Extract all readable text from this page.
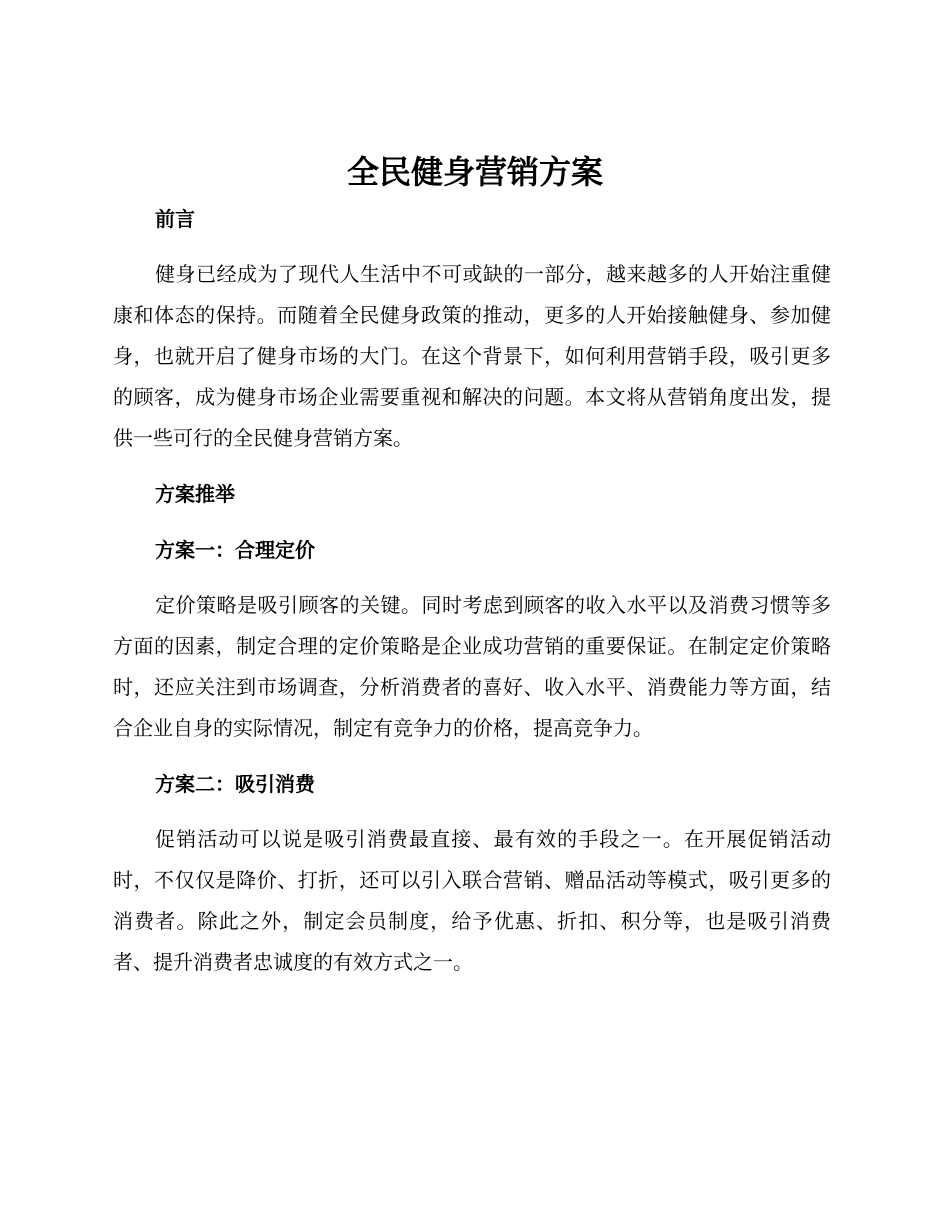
全民健身营销方案

前言

健身已经成为了现代人生活中不可或缺的一部分，越来越多的人开始注重健康和体态的保持。而随着全民健身政策的推动，更多的人开始接触健身、参加健身，也就开启了健身市场的大门。在这个背景下，如何利用营销手段，吸引更多的顾客，成为健身市场企业需要重视和解决的问题。本文将从营销角度出发，提供一些可行的全民健身营销方案。

方案推举

方案一：合理定价

定价策略是吸引顾客的关键。同时考虑到顾客的收入水平以及消费习惯等多方面的因素，制定合理的定价策略是企业成功营销的重要保证。在制定定价策略时，还应关注到市场调查，分析消费者的喜好、收入水平、消费能力等方面，结合企业自身的实际情况，制定有竞争力的价格，提高竞争力。

方案二：吸引消费

促销活动可以说是吸引消费最直接、最有效的手段之一。在开展促销活动时，不仅仅是降价、打折，还可以引入联合营销、赠品活动等模式，吸引更多的消费者。除此之外，制定会员制度，给予优惠、折扣、积分等，也是吸引消费者、提升消费者忠诚度的有效方式之一。
